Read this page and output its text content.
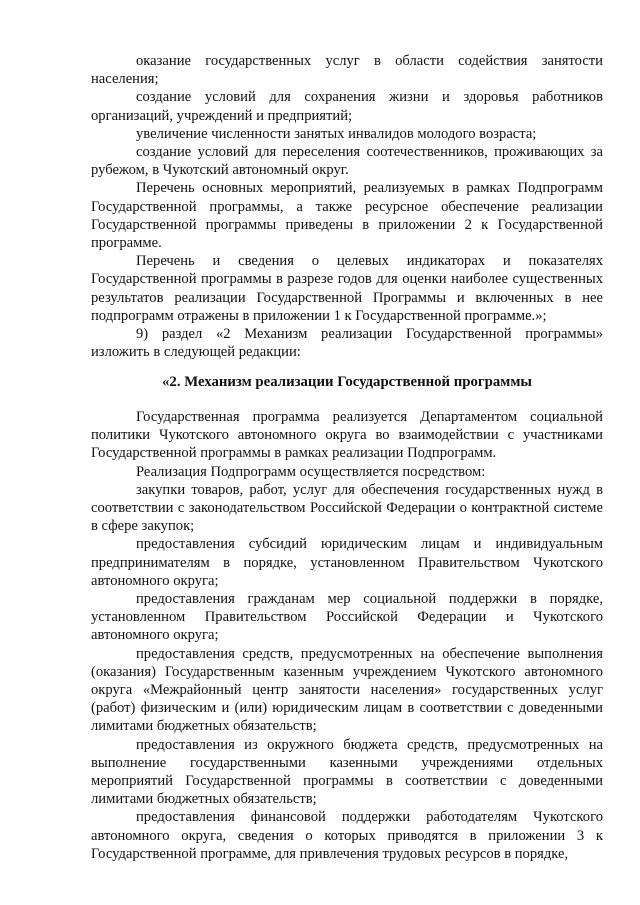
оказание государственных услуг в области содействия занятости населения;

создание условий для сохранения жизни и здоровья работников организаций, учреждений и предприятий;

увеличение численности занятых инвалидов молодого возраста;

создание условий для переселения соотечественников, проживающих за рубежом, в Чукотский автономный округ.

Перечень основных мероприятий, реализуемых в рамках Подпрограмм Государственной программы, а также ресурсное обеспечение реализации Государственной программы приведены в приложении 2 к Государственной программе.

Перечень и сведения о целевых индикаторах и показателях Государственной программы в разрезе годов для оценки наиболее существенных результатов реализации Государственной Программы и включенных в нее подпрограмм отражены в приложении 1 к Государственной программе.»;

9) раздел «2 Механизм реализации Государственной программы» изложить в следующей редакции:

«2. Механизм реализации Государственной программы

Государственная программа реализуется Департаментом социальной политики Чукотского автономного округа во взаимодействии с участниками Государственной программы в рамках реализации Подпрограмм.

Реализация Подпрограмм осуществляется посредством:

закупки товаров, работ, услуг для обеспечения государственных нужд в соответствии с законодательством Российской Федерации о контрактной системе в сфере закупок;

предоставления субсидий юридическим лицам и индивидуальным предпринимателям в порядке, установленном Правительством Чукотского автономного округа;

предоставления гражданам мер социальной поддержки в порядке, установленном Правительством Российской Федерации и Чукотского автономного округа;

предоставления средств, предусмотренных на обеспечение выполнения (оказания) Государственным казенным учреждением Чукотского автономного округа «Межрайонный центр занятости населения» государственных услуг (работ) физическим и (или) юридическим лицам в соответствии с доведенными лимитами бюджетных обязательств;

предоставления из окружного бюджета средств, предусмотренных на выполнение государственными казенными учреждениями отдельных мероприятий Государственной программы в соответствии с доведенными лимитами бюджетных обязательств;

предоставления финансовой поддержки работодателям Чукотского автономного округа, сведения о которых приводятся в приложении 3 к Государственной программе, для привлечения трудовых ресурсов в порядке,
